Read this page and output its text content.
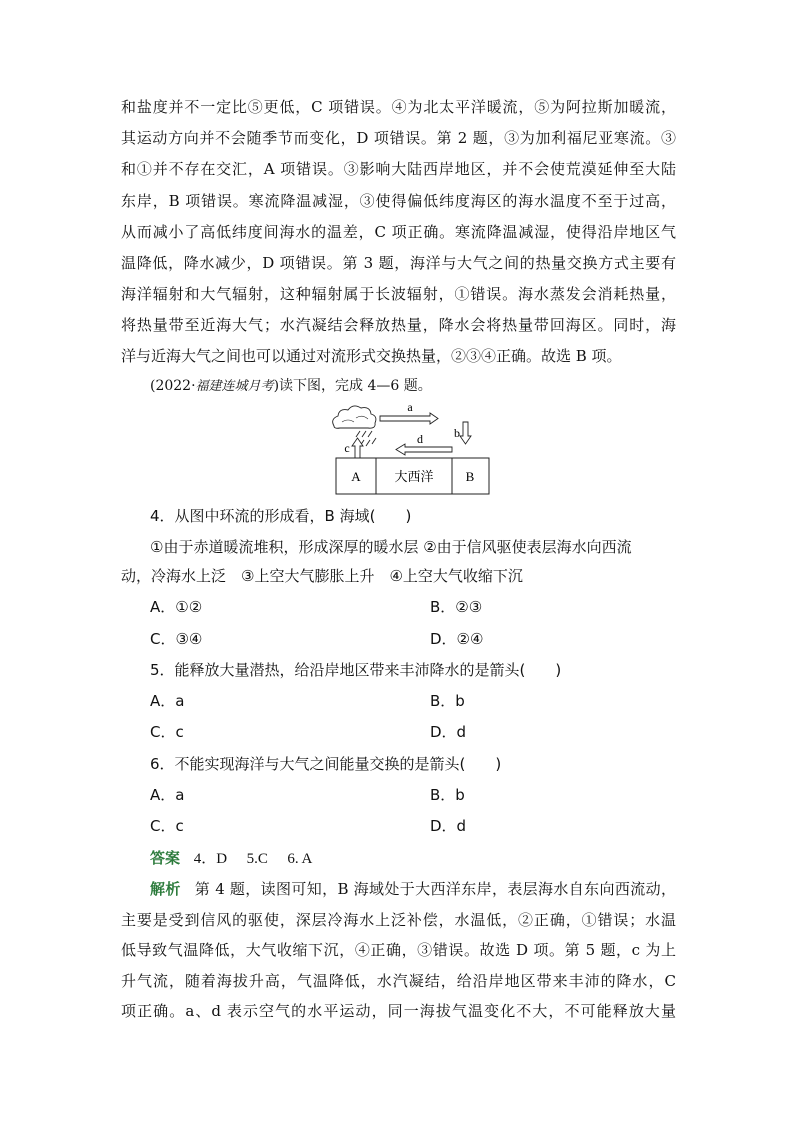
和盐度并不一定比⑤更低，C 项错误。④为北太平洋暖流，⑤为阿拉斯加暖流，

其运动方向并不会随季节而变化，D 项错误。第 2 题，③为加利福尼亚寒流。③

和①并不存在交汇，A 项错误。③影响大陆西岸地区，并不会使荒漠延伸至大陆

东岸，B 项错误。寒流降温减湿，③使得偏低纬度海区的海水温度不至于过高，

从而减小了高低纬度间海水的温差，C 项正确。寒流降温减湿，使得沿岸地区气

温降低，降水减少，D 项错误。第 3 题，海洋与大气之间的热量交换方式主要有

海洋辐射和大气辐射，这种辐射属于长波辐射，①错误。海水蒸发会消耗热量，

将热量带至近海大气；水汽凝结会释放热量，降水会将热量带回海区。同时，海

洋与近海大气之间也可以通过对流形式交换热量，②③④正确。故选 B 项。

(2022·福建连城月考)读下图，完成 4—6 题。
a
b
d
c
A	大西洋 B

4．从图中环流的形成看，B 海域(　　)

①由于赤道暖流堆积，形成深厚的暖水层 ②由于信风驱使表层海水向西流

动，冷海水上泛　③上空大气膨胀上升　④上空大气收缩下沉

A．①②	B．②③
C．③④	D．②④

5．能释放大量潜热，给沿岸地区带来丰沛降水的是箭头(　　)

A．a	B．b
C．c	D．d

6．不能实现海洋与大气之间能量交换的是箭头(　　)

A．a	B．b
C．c	D．d
答案 4．D 5.C 6. A
解析 第 4 题，读图可知，B 海域处于大西洋东岸，表层海水自东向西流动，
主要是受到信风的驱使，深层冷海水上泛补偿，水温低，②正确，①错误；水温
低导致气温降低，大气收缩下沉，④正确，③错误。故选 D 项。第 5 题，c 为上
升气流，随着海拔升高，气温降低，水汽凝结，给沿岸地区带来丰沛的降水，C
项正确。a、d 表示空气的水平运动，同一海拔气温变化不大，不可能释放大量
